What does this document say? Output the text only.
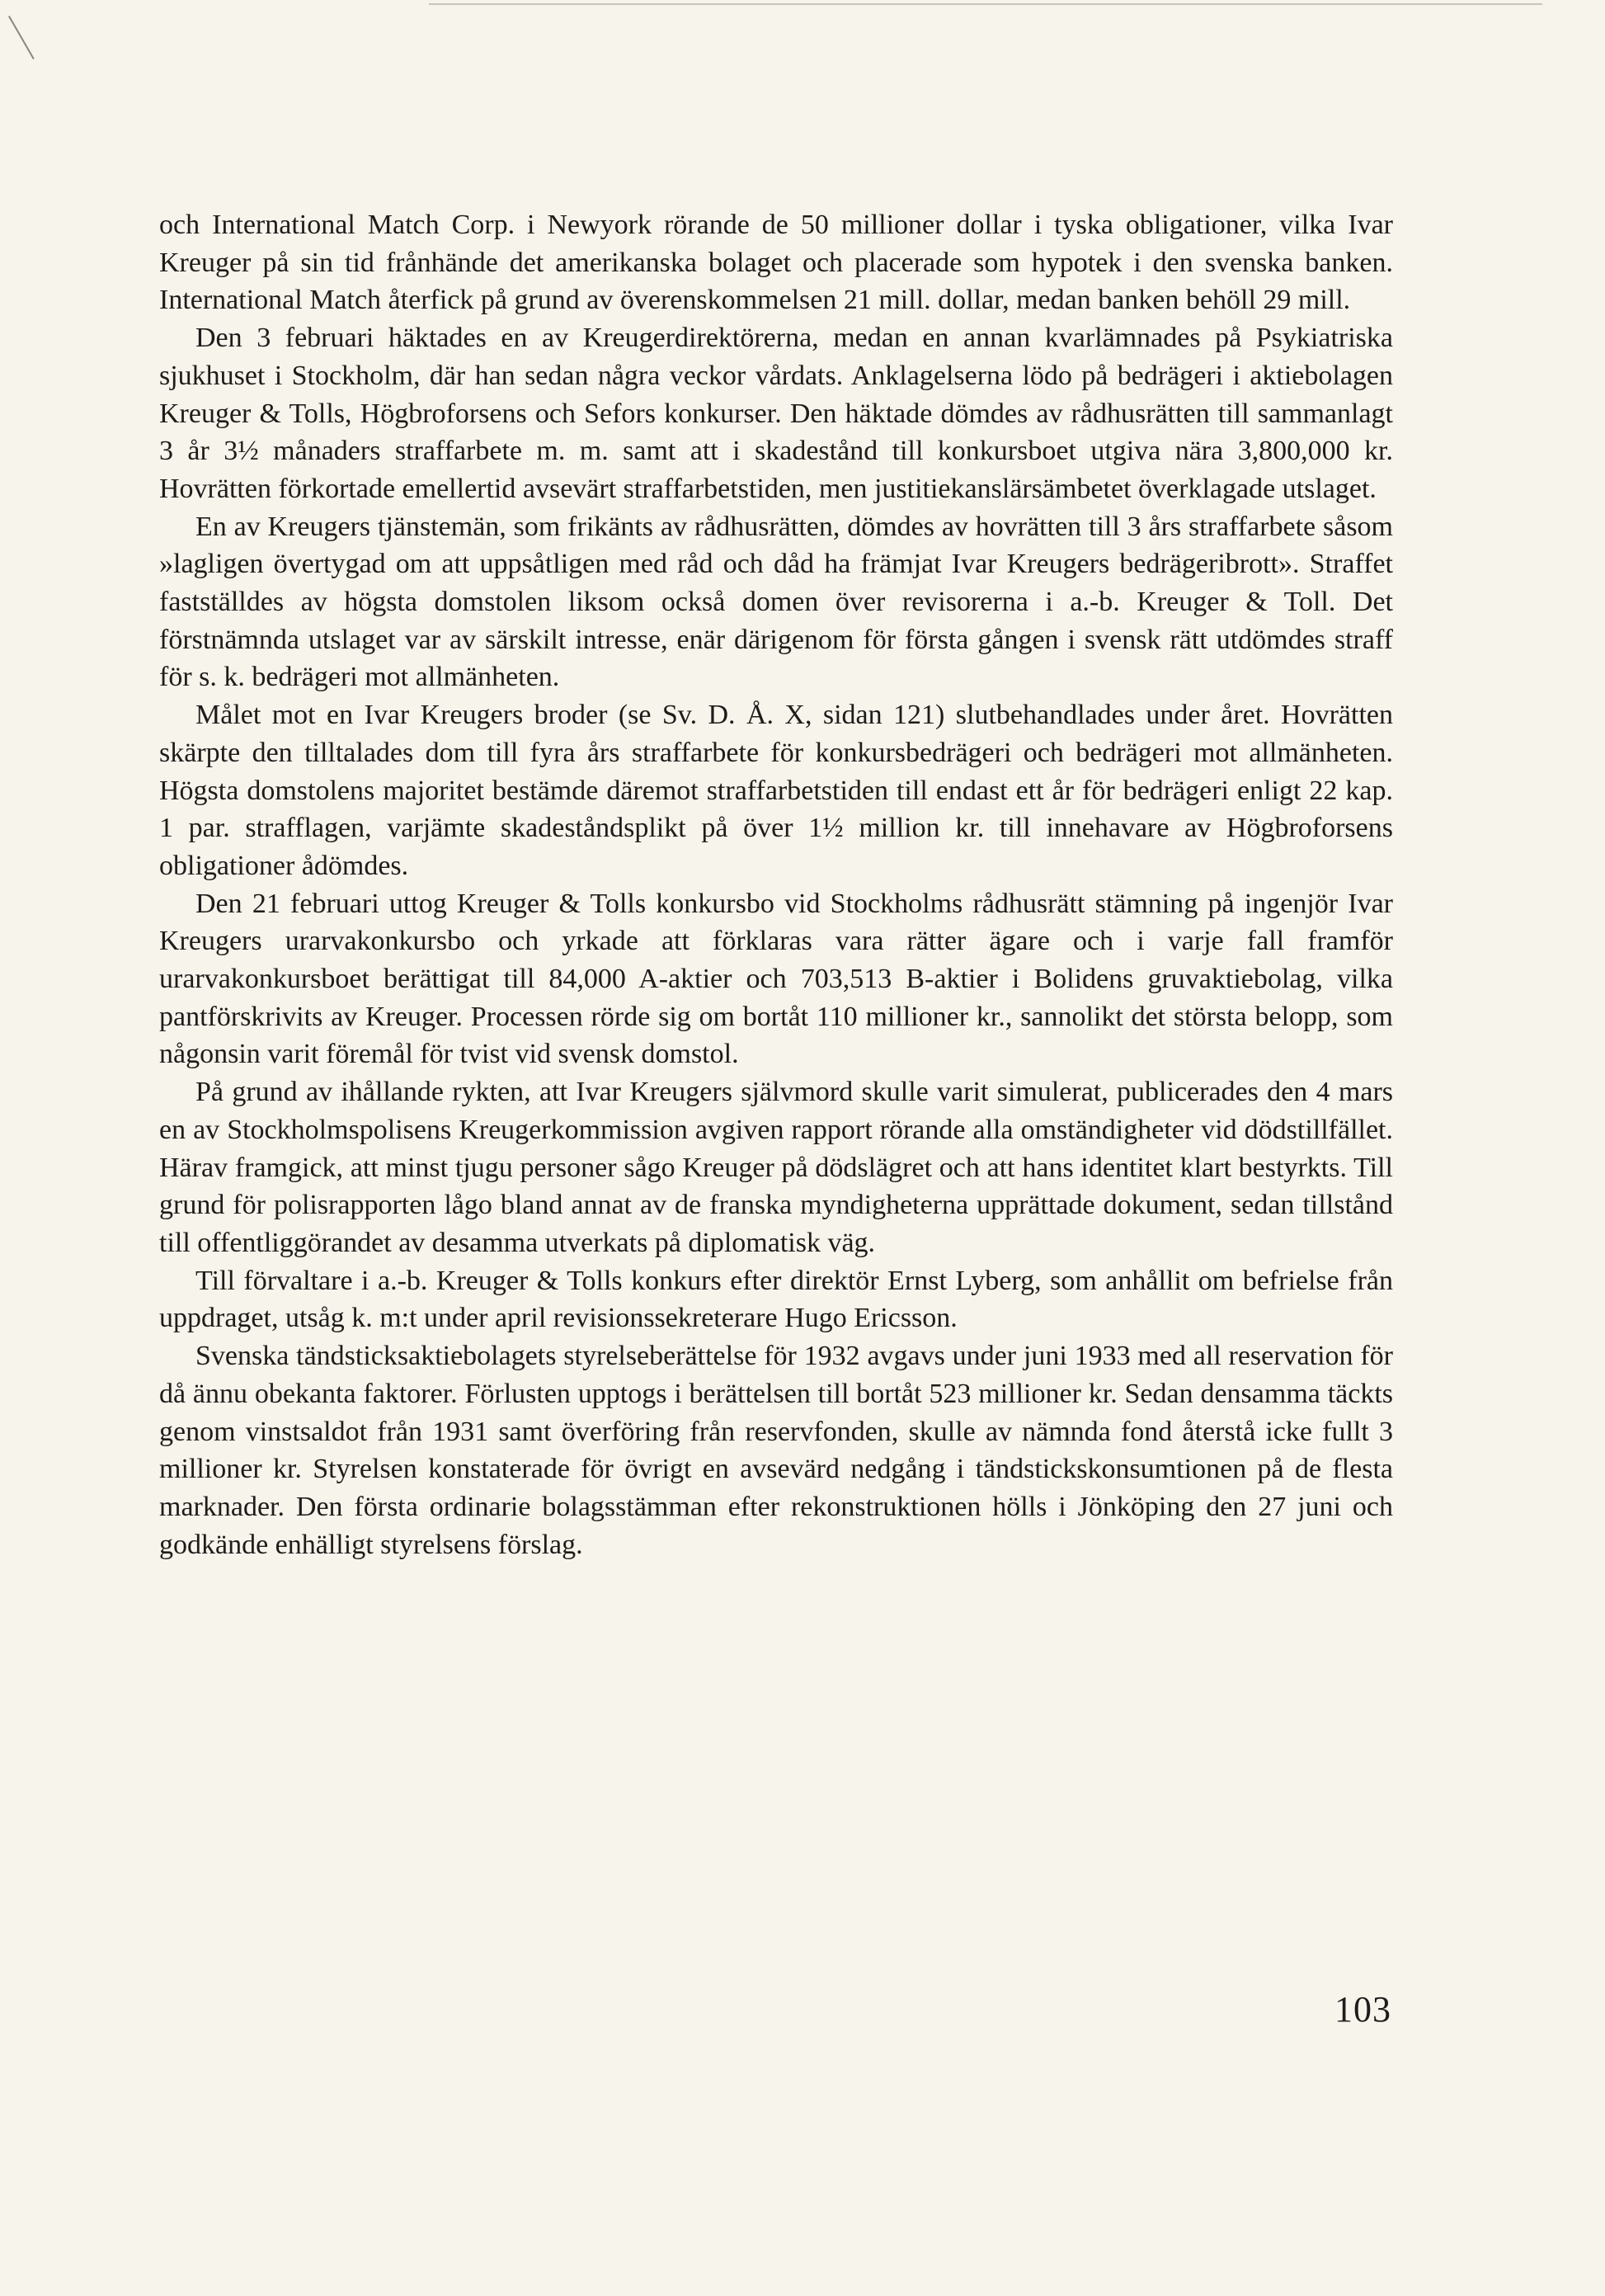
och International Match Corp. i Newyork rörande de 50 millioner dollar i tyska obligationer, vilka Ivar Kreuger på sin tid frånhände det amerikanska bolaget och placerade som hypotek i den svenska banken. International Match återfick på grund av överenskommelsen 21 mill. dollar, medan banken behöll 29 mill.

Den 3 februari häktades en av Kreugerdirektörerna, medan en annan kvarlämnades på Psykiatriska sjukhuset i Stockholm, där han sedan några veckor vårdats. Anklagelserna lödo på bedrägeri i aktiebolagen Kreuger & Tolls, Högbroforsens och Sefors konkurser. Den häktade dömdes av rådhusrätten till sammanlagt 3 år 3½ månaders straffarbete m. m. samt att i skadestånd till konkursboet utgiva nära 3,800,000 kr. Hovrätten förkortade emellertid avsevärt straffarbetstiden, men justitiekanslärsämbetet överklagade utslaget.

En av Kreugers tjänstemän, som frikänts av rådhusrätten, dömdes av hovrätten till 3 års straffarbete såsom »lagligen övertygad om att uppsåtligen med råd och dåd ha främjat Ivar Kreugers bedrägeribrott». Straffet fastställdes av högsta domstolen liksom också domen över revisorerna i a.-b. Kreuger & Toll. Det förstnämnda utslaget var av särskilt intresse, enär därigenom för första gången i svensk rätt utdömdes straff för s. k. bedrägeri mot allmänheten.

Målet mot en Ivar Kreugers broder (se Sv. D. Å. X, sidan 121) slutbehandlades under året. Hovrätten skärpte den tilltalades dom till fyra års straffarbete för konkursbedrägeri och bedrägeri mot allmänheten. Högsta domstolens majoritet bestämde däremot straffarbetstiden till endast ett år för bedrägeri enligt 22 kap. 1 par. strafflagen, varjämte skadeståndsplikt på över 1½ million kr. till innehavare av Högbroforsens obligationer ådömdes.

Den 21 februari uttog Kreuger & Tolls konkursbo vid Stockholms rådhusrätt stämning på ingenjör Ivar Kreugers urarvakonkursbo och yrkade att förklaras vara rätter ägare och i varje fall framför urarvakonkursboet berättigat till 84,000 A-aktier och 703,513 B-aktier i Bolidens gruvaktiebolag, vilka pantförskrivits av Kreuger. Processen rörde sig om bortåt 110 millioner kr., sannolikt det största belopp, som någonsin varit föremål för tvist vid svensk domstol.

På grund av ihållande rykten, att Ivar Kreugers självmord skulle varit simulerat, publicerades den 4 mars en av Stockholmspolisens Kreugerkommission avgiven rapport rörande alla omständigheter vid dödstillfället. Härav framgick, att minst tjugu personer sågo Kreuger på dödslägret och att hans identitet klart bestyrkts. Till grund för polisrapporten lågo bland annat av de franska myndigheterna upprättade dokument, sedan tillstånd till offentliggörandet av desamma utverkats på diplomatisk väg.

Till förvaltare i a.-b. Kreuger & Tolls konkurs efter direktör Ernst Lyberg, som anhållit om befrielse från uppdraget, utsåg k. m:t under april revisionssekreterare Hugo Ericsson.

Svenska tändsticksaktiebolagets styrelseberättelse för 1932 avgavs under juni 1933 med all reservation för då ännu obekanta faktorer. Förlusten upptogs i berättelsen till bortåt 523 millioner kr. Sedan densamma täckts genom vinstsaldot från 1931 samt överföring från reservfonden, skulle av nämnda fond återstå icke fullt 3 millioner kr. Styrelsen konstaterade för övrigt en avsevärd nedgång i tändstickskonsumtionen på de flesta marknader. Den första ordinarie bolagsstämman efter rekonstruktionen hölls i Jönköping den 27 juni och godkände enhälligt styrelsens förslag.

103
